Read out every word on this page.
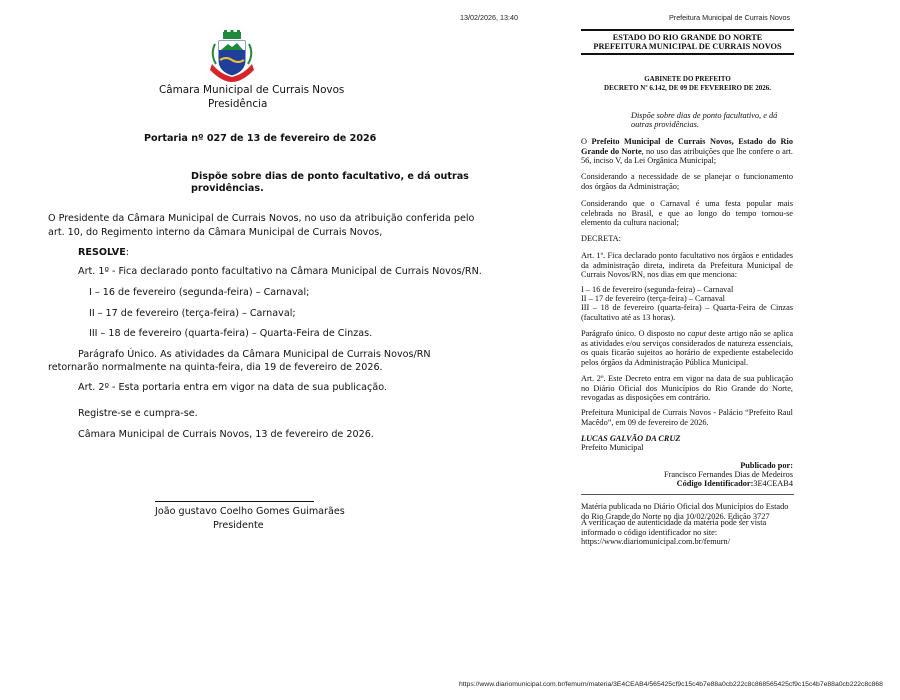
13/02/2026, 13:40	Prefeitura Municipal de Currais Novos
Câmara Municipal de Currais Novos
Presidência
Portaria nº 027 de 13 de fevereiro de 2026
Dispõe sobre dias de ponto facultativo, e dá outras
providências.
O Presidente da Câmara Municipal de Currais Novos, no uso da atribuição conferida pelo
art. 10, do Regimento interno da Câmara Municipal de Currais Novos,
RESOLVE:
Art. 1º - Fica declarado ponto facultativo na Câmara Municipal de Currais Novos/RN.
I – 16 de fevereiro (segunda-feira) – Carnaval;
II – 17 de fevereiro (terça-feira) – Carnaval;
III – 18 de fevereiro (quarta-feira) – Quarta-Feira de Cinzas.
Parágrafo Único. As atividades da Câmara Municipal de Currais Novos/RN
retornarão normalmente na quinta-feira, dia 19 de fevereiro de 2026.
Art. 2º - Esta portaria entra em vigor na data de sua publicação.
Registre-se e cumpra-se.
Câmara Municipal de Currais Novos, 13 de fevereiro de 2026.
João gustavo Coelho Gomes Guimarães
Presidente
ESTADO DO RIO GRANDE DO NORTE
PREFEITURA MUNICIPAL DE CURRAIS NOVOS
GABINETE DO PREFEITO
DECRETO Nº 6.142, DE 09 DE FEVEREIRO DE 2026.
Dispõe sobre dias de ponto facultativo, e dá
outras providências.
O Prefeito Municipal de Currais Novos, Estado do Rio Grande do Norte, no uso das atribuições que lhe confere o art. 56, inciso V, da Lei Orgânica Municipal;
Considerando a necessidade de se planejar o funcionamento dos órgãos da Administração;
Considerando que o Carnaval é uma festa popular mais celebrada no Brasil, e que ao longo do tempo tornou-se elemento da cultura nacional;
DECRETA:
Art. 1º. Fica declarado ponto facultativo nos órgãos e entidades da administração direta, indireta da Prefeitura Municipal de Currais Novos/RN, nos dias em que menciona:
I – 16 de fevereiro (segunda-feira) – Carnaval
II – 17 de fevereiro (terça-feira) – Carnaval
III – 18 de fevereiro (quarta-feira) – Quarta-Feira de Cinzas (facultativo até as 13 horas).
Parágrafo único. O disposto no caput deste artigo não se aplica as atividades e/ou serviços considerados de natureza essenciais, os quais ficarão sujeitos ao horário de expediente estabelecido pelos órgãos da Administração Pública Municipal.
Art. 2º. Este Decreto entra em vigor na data de sua publicação no Diário Oficial dos Municípios do Rio Grande do Norte, revogadas as disposições em contrário.
Prefeitura Municipal de Currais Novos - Palácio “Prefeito Raul Macêdo”, em 09 de fevereiro de 2026.
LUCAS GALVÃO DA CRUZ
Prefeito Municipal
Publicado por:
Francisco Fernandes Dias de Medeiros
Código Identificador:3E4CEAB4
Matéria publicada no Diário Oficial dos Municípios do Estado do Rio Grande do Norte no dia 10/02/2026. Edição 3727
A verificação de autenticidade da matéria pode ser vista informado o código identificador no site:
https://www.diariomunicipal.com.br/femurn/
https://www.diariomunicipal.com.br/femurn/materia/3E4CEAB4/565425cf9c15c4b7e88a0cb222c8c868565425cf9c15c4b7e88a0cb222c8c868
